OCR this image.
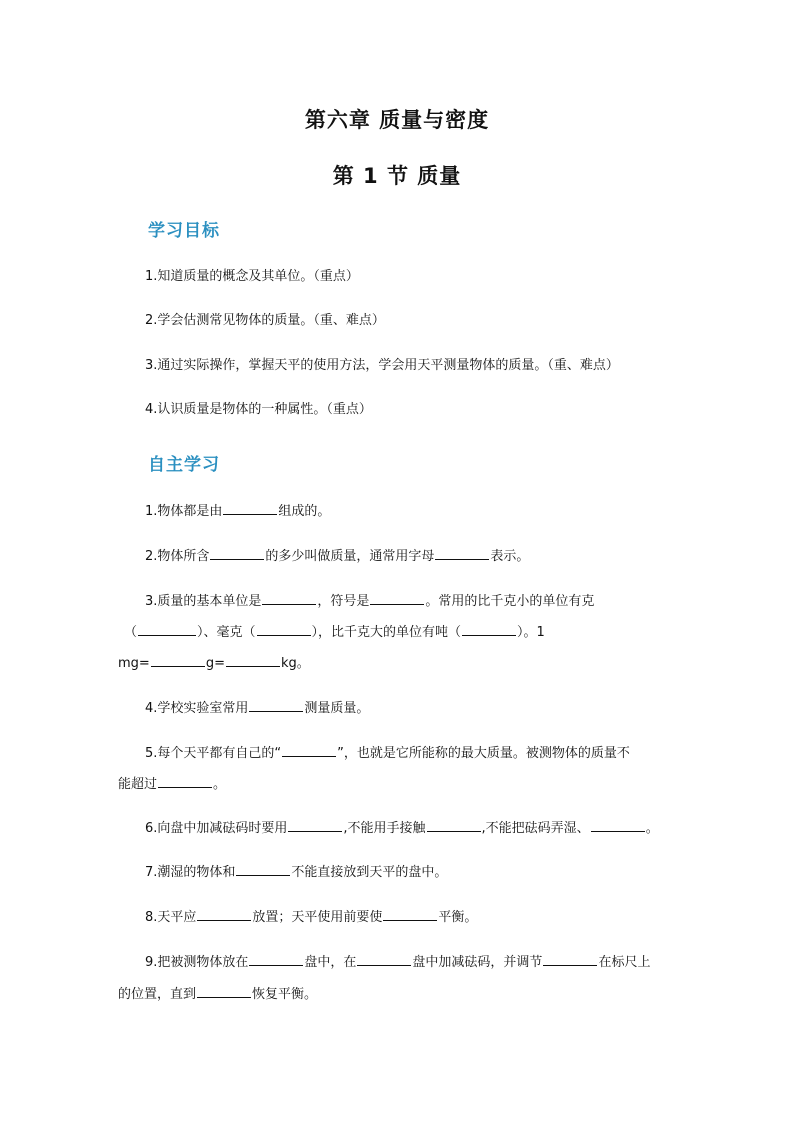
第六章 质量与密度
第 1 节 质量
学习目标
1.知道质量的概念及其单位。（重点）
2.学会估测常见物体的质量。（重、难点）
3.通过实际操作，掌握天平的使用方法，学会用天平测量物体的质量。（重、难点）
4.认识质量是物体的一种属性。（重点）
自主学习
1.物体都是由	组成的。
2.物体所含	的多少叫做质量，通常用字母	表示。
3.质量的基本单位是	，符号是	。常用的比千克小的单位有克
（	）、毫克（	），比千克大的单位有吨（	）。1
mg=	g=	kg。
4.学校实验室常用	测量质量。
5.每个天平都有自己的“	”，也就是它所能称的最大质量。被测物体的质量不
能超过	。
6.向盘中加减砝码时要用	,不能用手接触	,不能把砝码弄湿、	。
7.潮湿的物体和	不能直接放到天平的盘中。
8.天平应	放置；天平使用前要使	平衡。
9.把被测物体放在	盘中，在	盘中加减砝码，并调节	在标尺上
的位置，直到	恢复平衡。
